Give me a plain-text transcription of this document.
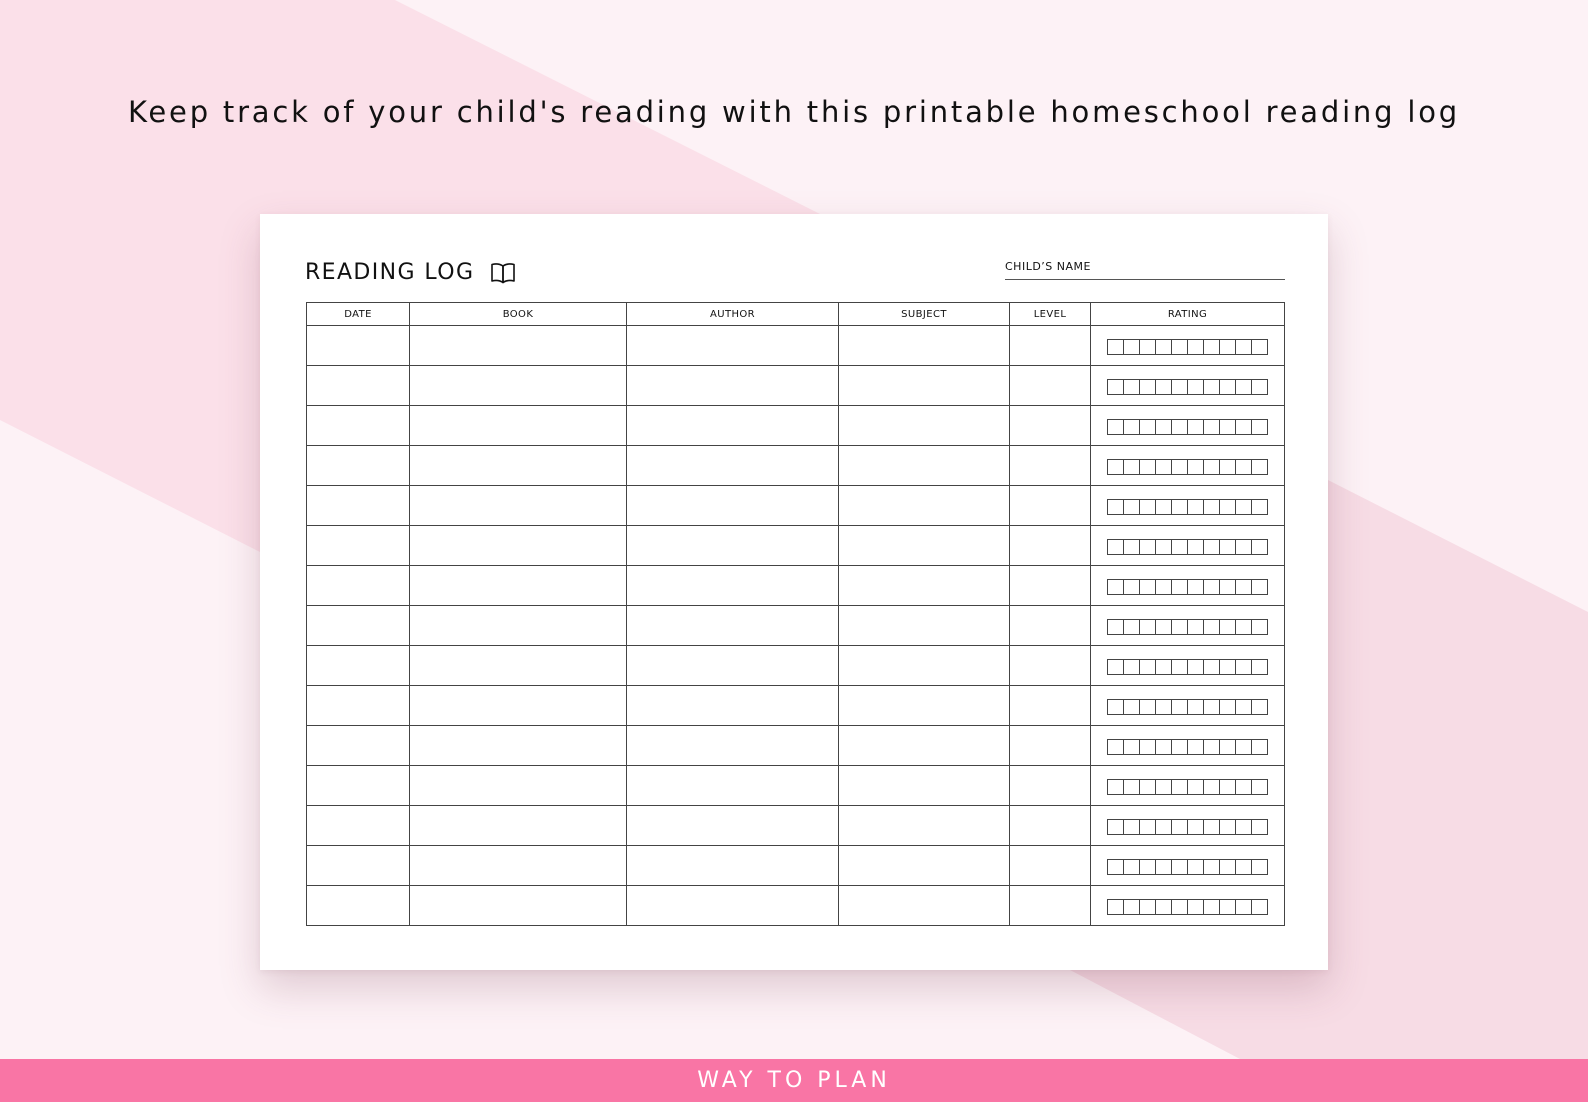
Keep track of your child's reading with this printable homeschool reading log
READING LOG	CHILD’S NAME
DATE	BOOK	AUTHOR	SUBJECT	LEVEL	RATING

WAY TO PLAN
